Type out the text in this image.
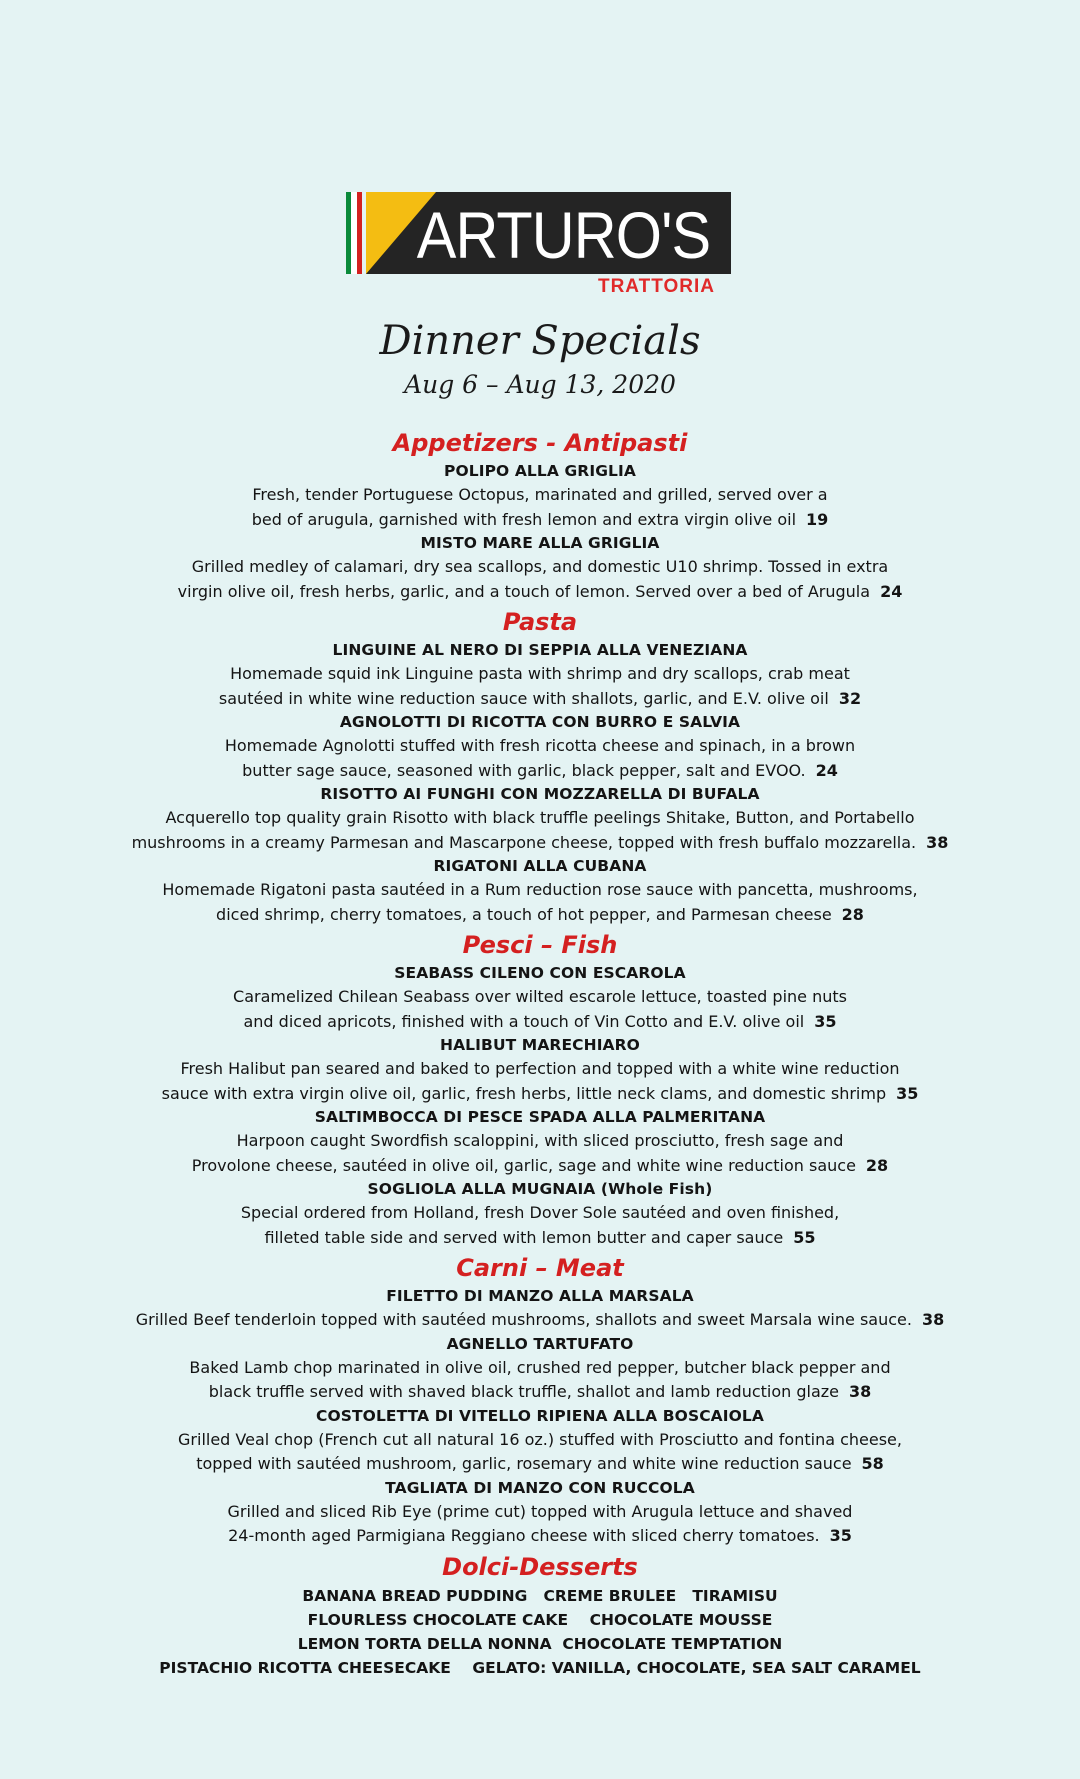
ARTURO'S
TRATTORIA
Dinner Specials
Aug 6 – Aug 13, 2020
Appetizers - Antipasti
POLIPO ALLA GRIGLIA
Fresh, tender Portuguese Octopus, marinated and grilled, served over a
bed of arugula, garnished with fresh lemon and extra virgin olive oil 19
MISTO MARE ALLA GRIGLIA
Grilled medley of calamari, dry sea scallops, and domestic U10 shrimp. Tossed in extra
virgin olive oil, fresh herbs, garlic, and a touch of lemon. Served over a bed of Arugula 24
Pasta
LINGUINE AL NERO DI SEPPIA ALLA VENEZIANA
Homemade squid ink Linguine pasta with shrimp and dry scallops, crab meat
sautéed in white wine reduction sauce with shallots, garlic, and E.V. olive oil 32
AGNOLOTTI DI RICOTTA CON BURRO E SALVIA
Homemade Agnolotti stuffed with fresh ricotta cheese and spinach, in a brown
butter sage sauce, seasoned with garlic, black pepper, salt and EVOO. 24
RISOTTO AI FUNGHI CON MOZZARELLA DI BUFALA
Acquerello top quality grain Risotto with black truffle peelings Shitake, Button, and Portabello
mushrooms in a creamy Parmesan and Mascarpone cheese, topped with fresh buffalo mozzarella. 38
RIGATONI ALLA CUBANA
Homemade Rigatoni pasta sautéed in a Rum reduction rose sauce with pancetta, mushrooms,
diced shrimp, cherry tomatoes, a touch of hot pepper, and Parmesan cheese 28
Pesci – Fish
SEABASS CILENO CON ESCAROLA
Caramelized Chilean Seabass over wilted escarole lettuce, toasted pine nuts
and diced apricots, finished with a touch of Vin Cotto and E.V. olive oil 35
HALIBUT MARECHIARO
Fresh Halibut pan seared and baked to perfection and topped with a white wine reduction
sauce with extra virgin olive oil, garlic, fresh herbs, little neck clams, and domestic shrimp 35
SALTIMBOCCA DI PESCE SPADA ALLA PALMERITANA
Harpoon caught Swordfish scaloppini, with sliced prosciutto, fresh sage and
Provolone cheese, sautéed in olive oil, garlic, sage and white wine reduction sauce 28
SOGLIOLA ALLA MUGNAIA (Whole Fish)
Special ordered from Holland, fresh Dover Sole sautéed and oven finished,
filleted table side and served with lemon butter and caper sauce 55
Carni – Meat
FILETTO DI MANZO ALLA MARSALA
Grilled Beef tenderloin topped with sautéed mushrooms, shallots and sweet Marsala wine sauce. 38
AGNELLO TARTUFATO
Baked Lamb chop marinated in olive oil, crushed red pepper, butcher black pepper and
black truffle served with shaved black truffle, shallot and lamb reduction glaze 38
COSTOLETTA DI VITELLO RIPIENA ALLA BOSCAIOLA
Grilled Veal chop (French cut all natural 16 oz.) stuffed with Prosciutto and fontina cheese,
topped with sautéed mushroom, garlic, rosemary and white wine reduction sauce 58
TAGLIATA DI MANZO CON RUCCOLA
Grilled and sliced Rib Eye (prime cut) topped with Arugula lettuce and shaved
24-month aged Parmigiana Reggiano cheese with sliced cherry tomatoes. 35
Dolci-Desserts
BANANA BREAD PUDDING   CREME BRULEE   TIRAMISU
FLOURLESS CHOCOLATE CAKE    CHOCOLATE MOUSSE
LEMON TORTA DELLA NONNA  CHOCOLATE TEMPTATION
PISTACHIO RICOTTA CHEESECAKE    GELATO: VANILLA, CHOCOLATE, SEA SALT CARAMEL
